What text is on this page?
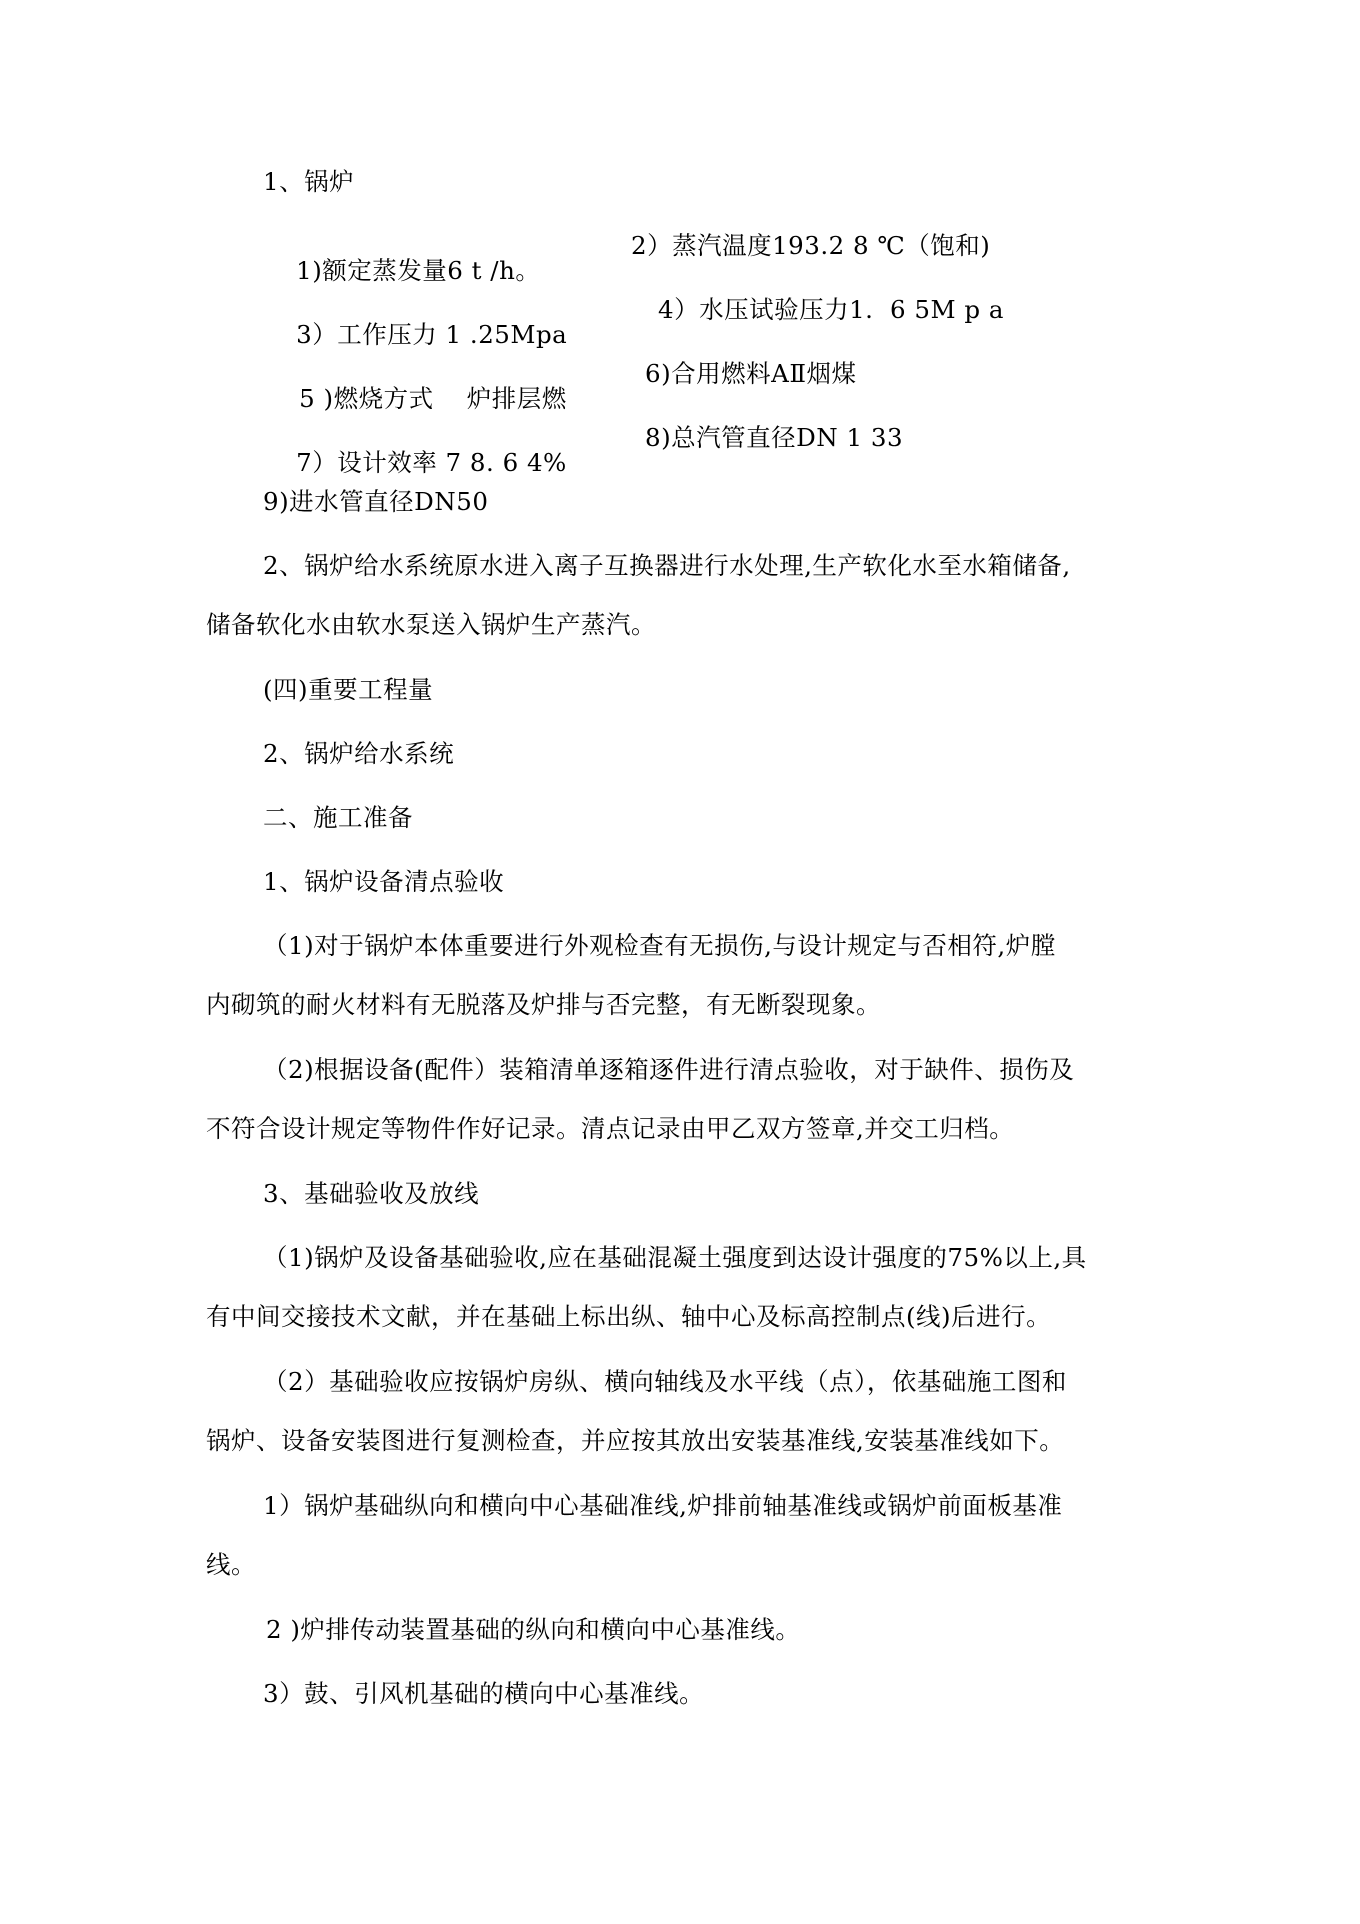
1、锅炉

1)额定蒸发量6 t /h。

2）蒸汽温度193.2 8 ℃（饱和)

3）工作压力 1 .25Mpa

4）水压试验压力1.  6 5M p a

5 )燃烧方式    炉排层燃

6)合用燃料AⅡ烟煤

7）设计效率 7 8. 6 4%

8)总汽管直径DN 1 33

9)进水管直径DN50
2、锅炉给水系统原水进入离子互换器进行水处理,生产软化水至水箱储备,
储备软化水由软水泵送入锅炉生产蒸汽。
(四)重要工程量
2、锅炉给水系统
二、施工准备
1、锅炉设备清点验收
（1)对于锅炉本体重要进行外观检查有无损伤,与设计规定与否相符,炉膛
内砌筑的耐火材料有无脱落及炉排与否完整，有无断裂现象。
（2)根据设备(配件）装箱清单逐箱逐件进行清点验收，对于缺件、损伤及
不符合设计规定等物件作好记录。清点记录由甲乙双方签章,并交工归档。
3、基础验收及放线
（1)锅炉及设备基础验收,应在基础混凝土强度到达设计强度的75%以上,具
有中间交接技术文献，并在基础上标出纵、轴中心及标高控制点(线)后进行。
（2）基础验收应按锅炉房纵、横向轴线及水平线（点），依基础施工图和
锅炉、设备安装图进行复测检查，并应按其放出安装基准线,安装基准线如下。
1）锅炉基础纵向和横向中心基础准线,炉排前轴基准线或锅炉前面板基准
线。
2 )炉排传动装置基础的纵向和横向中心基准线。
3）鼓、引风机基础的横向中心基准线。
